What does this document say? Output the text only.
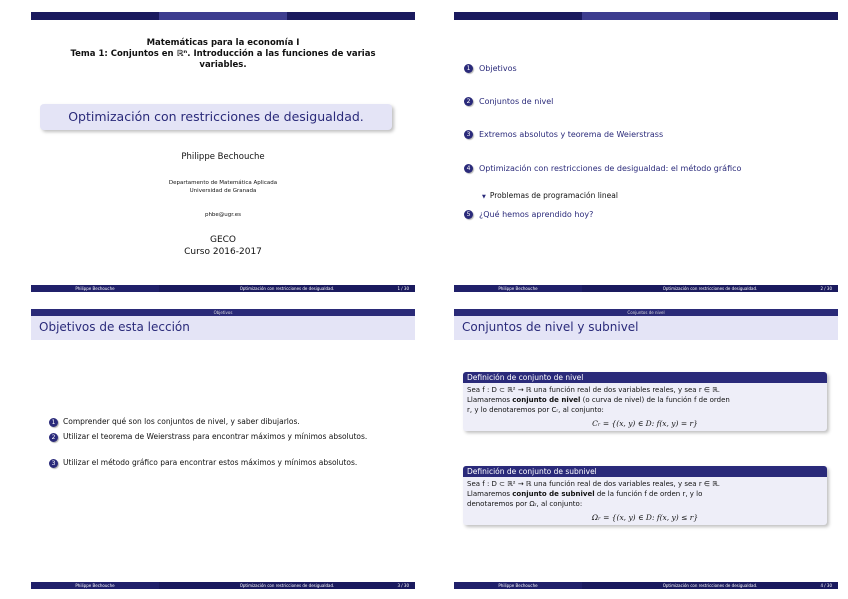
Matemáticas para la economía I
Tema 1: Conjuntos en ℝⁿ. Introducción a las funciones de varias
variables.
Optimización con restricciones de desigualdad.
Philippe Bechouche
Departamento de Matemática Aplicada
Universidad de Granada
phbe@ugr.es
GECO
Curso 2016-2017
Philippe Bechouche	Optimización con restricciones de desigualdad.	1 / 30
1 Objetivos
2 Conjuntos de nivel
3 Extremos absolutos y teorema de Weierstrass
4 Optimización con restricciones de desigualdad: el método gráfico
▼ Problemas de programación lineal
5 ¿Qué hemos aprendido hoy?
Philippe Bechouche	Optimización con restricciones de desigualdad.	2 / 30
Objetivos
Objetivos de esta lección
1 Comprender qué son los conjuntos de nivel, y saber dibujarlos.
2 Utilizar el teorema de Weierstrass para encontrar máximos y mínimos absolutos.
3 Utilizar el método gráfico para encontrar estos máximos y mínimos absolutos.
Philippe Bechouche	Optimización con restricciones de desigualdad.	3 / 30
Conjuntos de nivel
Conjuntos de nivel y subnivel
Definición de conjunto de nivel
Sea f : D ⊂ ℝ² → ℝ una función real de dos variables reales, y sea r ∈ ℝ.
Llamaremos conjunto de nivel (o curva de nivel) de la función f de orden
r, y lo denotaremos por Cᵣ, al conjunto:
Cᵣ = {(x, y) ∈ D: f(x, y) = r}
Definición de conjunto de subnivel
Sea f : D ⊂ ℝ² → ℝ una función real de dos variables reales, y sea r ∈ ℝ.
Llamaremos conjunto de subnivel de la función f de orden r, y lo
denotaremos por Ωᵣ, al conjunto:
Ωᵣ = {(x, y) ∈ D: f(x, y) ≤ r}
Philippe Bechouche	Optimización con restricciones de desigualdad.	4 / 30
